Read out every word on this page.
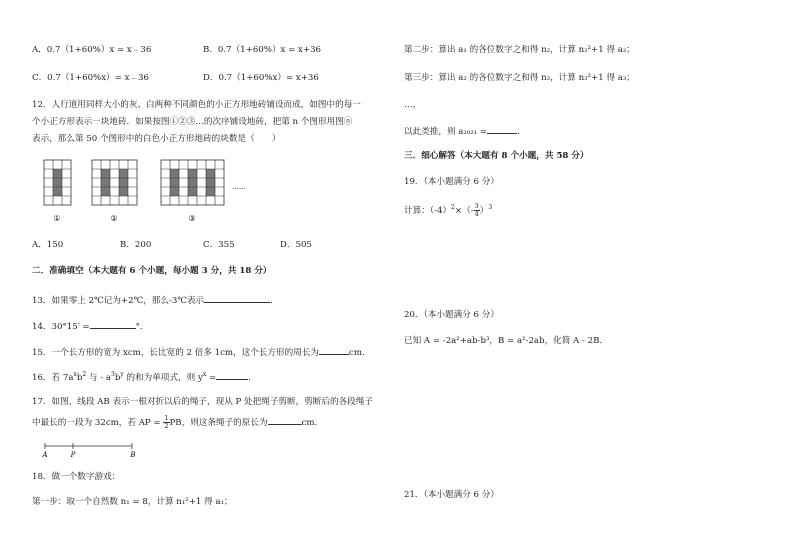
A．0.7（1+60%）x = x﹣36	B．0.7（1+60%）x = x+36
C．0.7（1+60%x）= x﹣36	D．0.7（1+60%x）= x+36
12．人行道用同样大小的灰、白两种不同颜色的小正方形地砖铺设而成，如图中的每一
个小正方形表示一块地砖．如果按图①②③…的次序铺设地砖，把第 n 个图形用图ⓝ
表示，那么第 50 个图形中的白色小正方形地砖的块数是（　　）
①	②	③
……
A．150	B．200	C．355	D．505
二．准确填空（本大题有 6 个小题，每小题 3 分，共 18 分）
13．如果零上 2℃记为+2℃，那么-3℃表示	.
14．30°15′ =	°.
15．一个长方形的宽为 xcm，长比宽的 2 倍多 1cm，这个长方形的周长为	cm.
16．若 $7a^xb^2$ 与 - $a^3b^y$ 的和为单项式，则 $y^x$ =	.
17．如图，线段 AB 表示一根对折以后的绳子，现从 P 处把绳子剪断，剪断后的各段绳子
中最长的一段为 32cm，若 AP = $\frac{1}{2}$ PB，则这条绳子的原长为	cm.
A	P	B
18．做一个数字游戏：
第一步：取一个自然数 n₁ = 8，计算 n₁²+1 得 a₁；
第二步：算出 a₁ 的各位数字之和得 n₂，计算 n₂²+1 得 a₂；
第三步：算出 a₂ 的各位数字之和得 n₃，计算 n₃²+1 得 a₃；
…，
以此类推，则 a₂₀₂₁ =	.
三．细心解答（本大题有 8 个小题，共 58 分）
19．（本小题满分 6 分）
计算：$(-4)^2\times(- \frac{3}{4} )^3$
20．（本小题满分 6 分）
已知 A = -2a²+ab-b³，B = a²-2ab，化简 A - 2B.
21．（本小题满分 6 分）
